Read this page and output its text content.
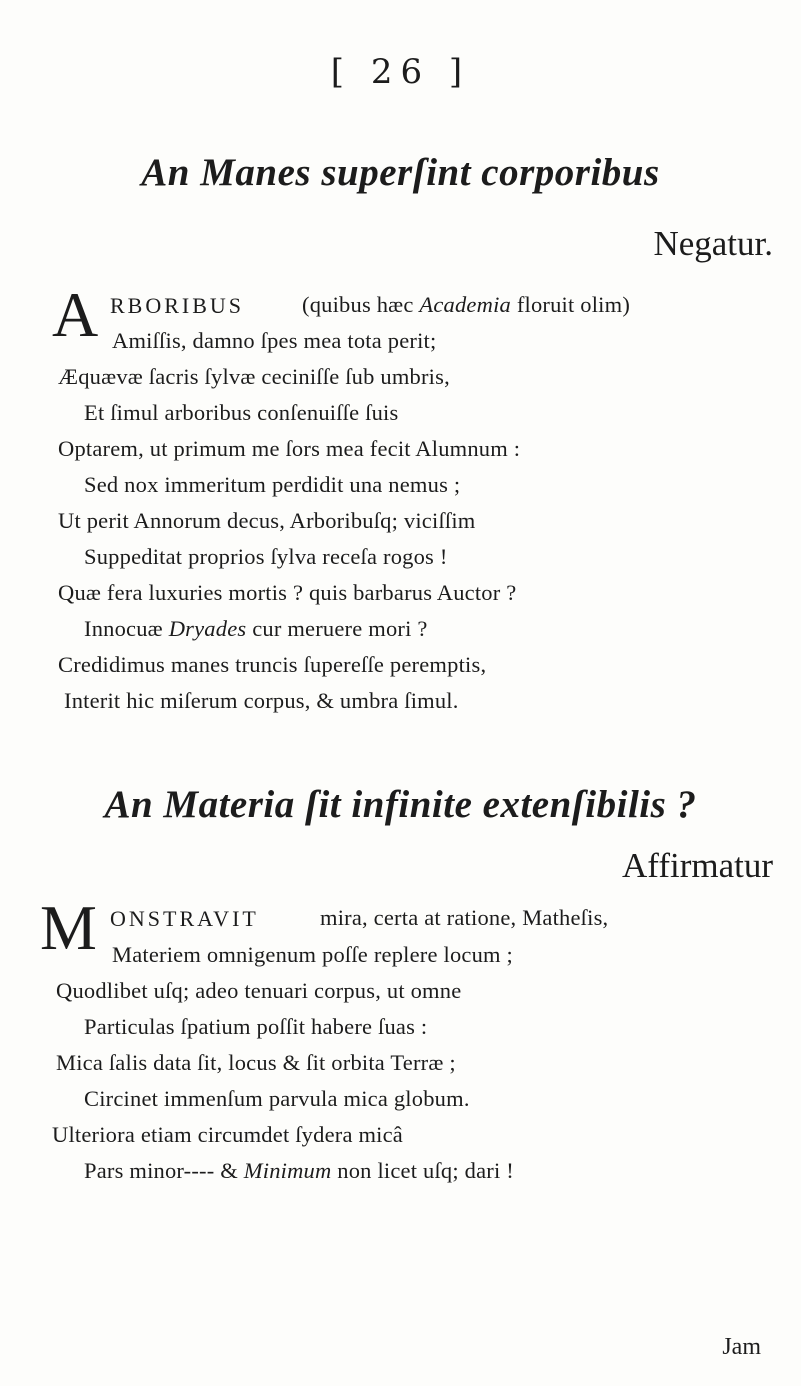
[ 26 ]
An Manes superſint corporibus
Negatur.
A RBORIBUS	(quibus hæc Academia floruit olim)
Amiſſis, damno ſpes mea tota perit;
Æquævæ ſacris ſylvæ ceciniſſe ſub umbris,
Et ſimul arboribus conſenuiſſe ſuis
Optarem, ut primum me ſors mea fecit Alumnum :
Sed nox immeritum perdidit una nemus ;
Ut perit Annorum decus, Arboribuſq; viciſſim
Suppeditat proprios ſylva receſa rogos !
Quæ fera luxuries mortis ? quis barbarus Auctor ?
Innocuæ Dryades cur meruere mori ?
Credidimus manes truncis ſupereſſe peremptis,
Interit hic miſerum corpus, & umbra ſimul.
An Materia ſit infinite extenſibilis ?
Affirmatur
M ONSTRAVIT	mira, certa at ratione, Matheſis,
Materiem omnigenum poſſe replere locum ;
Quodlibet uſq; adeo tenuari corpus, ut omne
Particulas ſpatium poſſit habere ſuas :
Mica ſalis data ſit, locus & ſit orbita Terræ ;
Circinet immenſum parvula mica globum.
Ulteriora etiam circumdet ſydera micâ
Pars minor---- & Minimum non licet uſq; dari !
Jam
